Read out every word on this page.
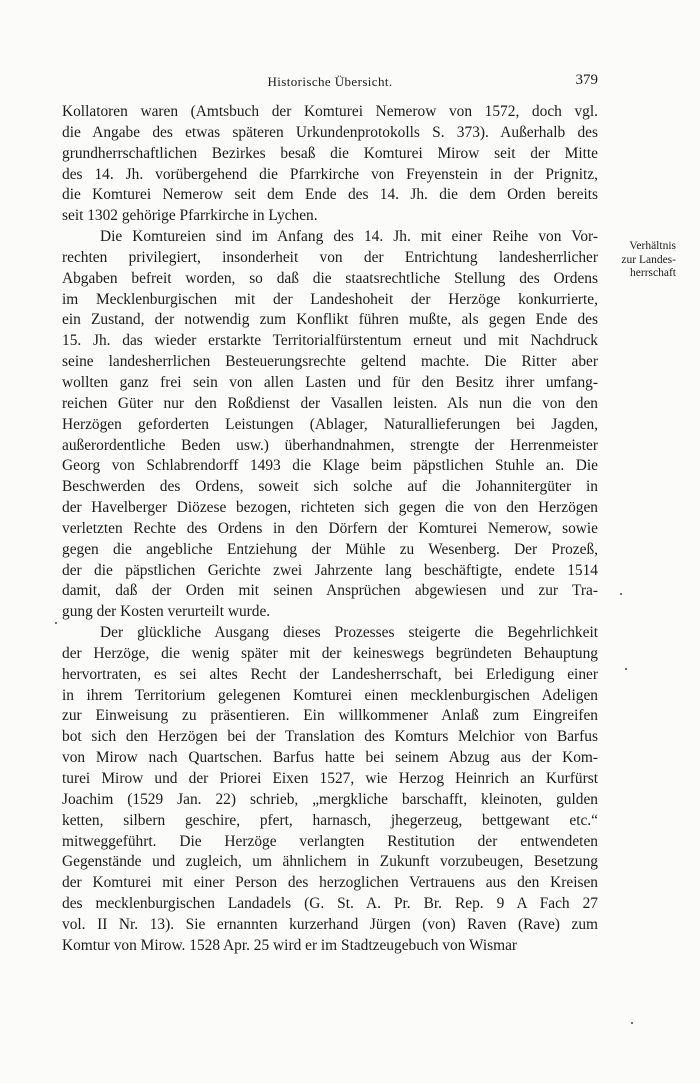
Historische Übersicht.	379
Kollatoren waren (Amtsbuch der Komturei Nemerow von 1572, doch vgl.
die Angabe des etwas späteren Urkundenprotokolls S. 373). Außerhalb des
grundherrschaftlichen Bezirkes besaß die Komturei Mirow seit der Mitte
des 14. Jh. vorübergehend die Pfarrkirche von Freyenstein in der Prignitz,
die Komturei Nemerow seit dem Ende des 14. Jh. die dem Orden bereits
seit 1302 gehörige Pfarrkirche in Lychen.
Die Komtureien sind im Anfang des 14. Jh. mit einer Reihe von Vor-
rechten privilegiert, insonderheit von der Entrichtung landesherrlicher
Abgaben befreit worden, so daß die staatsrechtliche Stellung des Ordens
im Mecklenburgischen mit der Landeshoheit der Herzöge konkurrierte,
ein Zustand, der notwendig zum Konflikt führen mußte, als gegen Ende des
15. Jh. das wieder erstarkte Territorialfürstentum erneut und mit Nachdruck
seine landesherrlichen Besteuerungsrechte geltend machte. Die Ritter aber
wollten ganz frei sein von allen Lasten und für den Besitz ihrer umfang-
reichen Güter nur den Roßdienst der Vasallen leisten. Als nun die von den
Herzögen geforderten Leistungen (Ablager, Naturallieferungen bei Jagden,
außerordentliche Beden usw.) überhandnahmen, strengte der Herrenmeister
Georg von Schlabrendorff 1493 die Klage beim päpstlichen Stuhle an. Die
Beschwerden des Ordens, soweit sich solche auf die Johannitergüter in
der Havelberger Diözese bezogen, richteten sich gegen die von den Herzögen
verletzten Rechte des Ordens in den Dörfern der Komturei Nemerow, sowie
gegen die angebliche Entziehung der Mühle zu Wesenberg. Der Prozeß,
der die päpstlichen Gerichte zwei Jahrzente lang beschäftigte, endete 1514
damit, daß der Orden mit seinen Ansprüchen abgewiesen und zur Tra-
gung der Kosten verurteilt wurde.
Der glückliche Ausgang dieses Prozesses steigerte die Begehrlichkeit
der Herzöge, die wenig später mit der keineswegs begründeten Behauptung
hervortraten, es sei altes Recht der Landesherrschaft, bei Erledigung einer
in ihrem Territorium gelegenen Komturei einen mecklenburgischen Adeligen
zur Einweisung zu präsentieren. Ein willkommener Anlaß zum Eingreifen
bot sich den Herzögen bei der Translation des Komturs Melchior von Barfus
von Mirow nach Quartschen. Barfus hatte bei seinem Abzug aus der Kom-
turei Mirow und der Priorei Eixen 1527, wie Herzog Heinrich an Kurfürst
Joachim (1529 Jan. 22) schrieb, „mergkliche barschafft, kleinoten, gulden
ketten, silbern geschire, pfert, harnasch, jhegerzeug, bettgewant etc.“
mitweggeführt. Die Herzöge verlangten Restitution der entwendeten
Gegenstände und zugleich, um ähnlichem in Zukunft vorzubeugen, Besetzung
der Komturei mit einer Person des herzoglichen Vertrauens aus den Kreisen
des mecklenburgischen Landadels (G. St. A. Pr. Br. Rep. 9 A Fach 27
vol. II Nr. 13). Sie ernannten kurzerhand Jürgen (von) Raven (Rave) zum
Komtur von Mirow. 1528 Apr. 25 wird er im Stadtzeugebuch von Wismar
Verhältnis
zur Landes-
herrschaft
